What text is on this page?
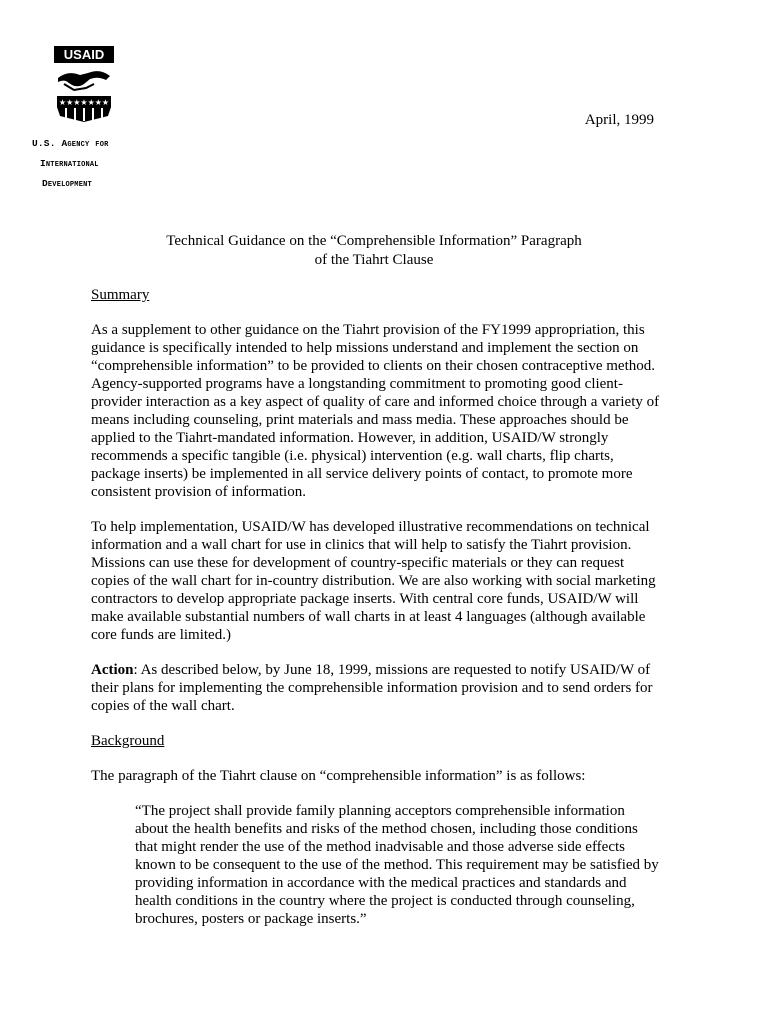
USAID
★★★★★★★
U.S. Agency for
International
Development
April, 1999
Technical Guidance on the “Comprehensible Information” Paragraph
of the Tiahrt Clause
Summary
As a supplement to other guidance on the Tiahrt provision of the FY1999 appropriation, this guidance is specifically intended to help missions understand and implement the section on “comprehensible information” to be provided to clients on their chosen contraceptive method. Agency-supported programs have a longstanding commitment to promoting good client-provider interaction as a key aspect of quality of care and informed choice through a variety of means including counseling, print materials and mass media. These approaches should be applied to the Tiahrt-mandated information. However, in addition, USAID/W strongly recommends a specific tangible (i.e. physical) intervention (e.g. wall charts, flip charts, package inserts) be implemented in all service delivery points of contact, to promote more consistent provision of information.
To help implementation, USAID/W has developed illustrative recommendations on technical information and a wall chart for use in clinics that will help to satisfy the Tiahrt provision. Missions can use these for development of country-specific materials or they can request copies of the wall chart for in-country distribution. We are also working with social marketing contractors to develop appropriate package inserts. With central core funds, USAID/W will make available substantial numbers of wall charts in at least 4 languages (although available core funds are limited.)
Action: As described below, by June 18, 1999, missions are requested to notify USAID/W of their plans for implementing the comprehensible information provision and to send orders for copies of the wall chart.
Background
The paragraph of the Tiahrt clause on “comprehensible information” is as follows:
“The project shall provide family planning acceptors comprehensible information about the health benefits and risks of the method chosen, including those conditions that might render the use of the method inadvisable and those adverse side effects known to be consequent to the use of the method. This requirement may be satisfied by providing information in accordance with the medical practices and standards and health conditions in the country where the project is conducted through counseling, brochures, posters or package inserts.”
